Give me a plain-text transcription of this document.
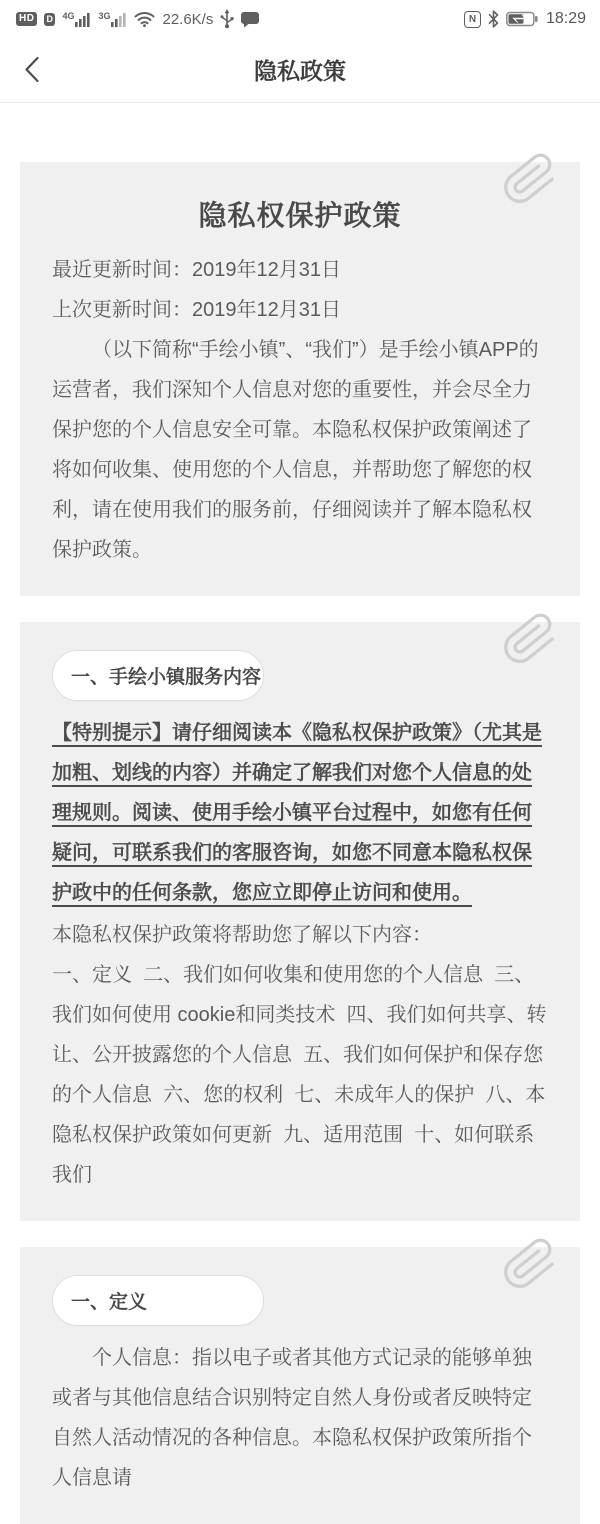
HD	D 4G	3G	22.6K/s	N	18:29
隐私政策
隐私权保护政策

最近更新时间：2019年12月31日

上次更新时间：2019年12月31日

（以下简称“手绘小镇”、“我们”）是手绘小镇APP的运营者，我们深知个人信息对您的重要性，并会尽全力保护您的个人信息安全可靠。本隐私权保护政策阐述了将如何收集、使用您的个人信息，并帮助您了解您的权利，请在使用我们的服务前，仔细阅读并了解本隐私权保护政策。

一、手绘小镇服务内容

【特别提示】请仔细阅读本《隐私权保护政策》（尤其是加粗、划线的内容）并确定了解我们对您个人信息的处理规则。阅读、使用手绘小镇平台过程中，如您有任何疑问，可联系我们的客服咨询，如您不同意本隐私权保护政中的任何条款，您应立即停止访问和使用。

本隐私权保护政策将帮助您了解以下内容：

一、定义  二、我们如何收集和使用您的个人信息  三、我们如何使用 cookie和同类技术  四、我们如何共享、转让、公开披露您的个人信息  五、我们如何保护和保存您的个人信息  六、您的权利  七、未成年人的保护  八、本隐私权保护政策如何更新  九、适用范围  十、如何联系我们

一、定义

个人信息：指以电子或者其他方式记录的能够单独或者与其他信息结合识别特定自然人身份或者反映特定自然人活动情况的各种信息。本隐私权保护政策所指个人信息请
